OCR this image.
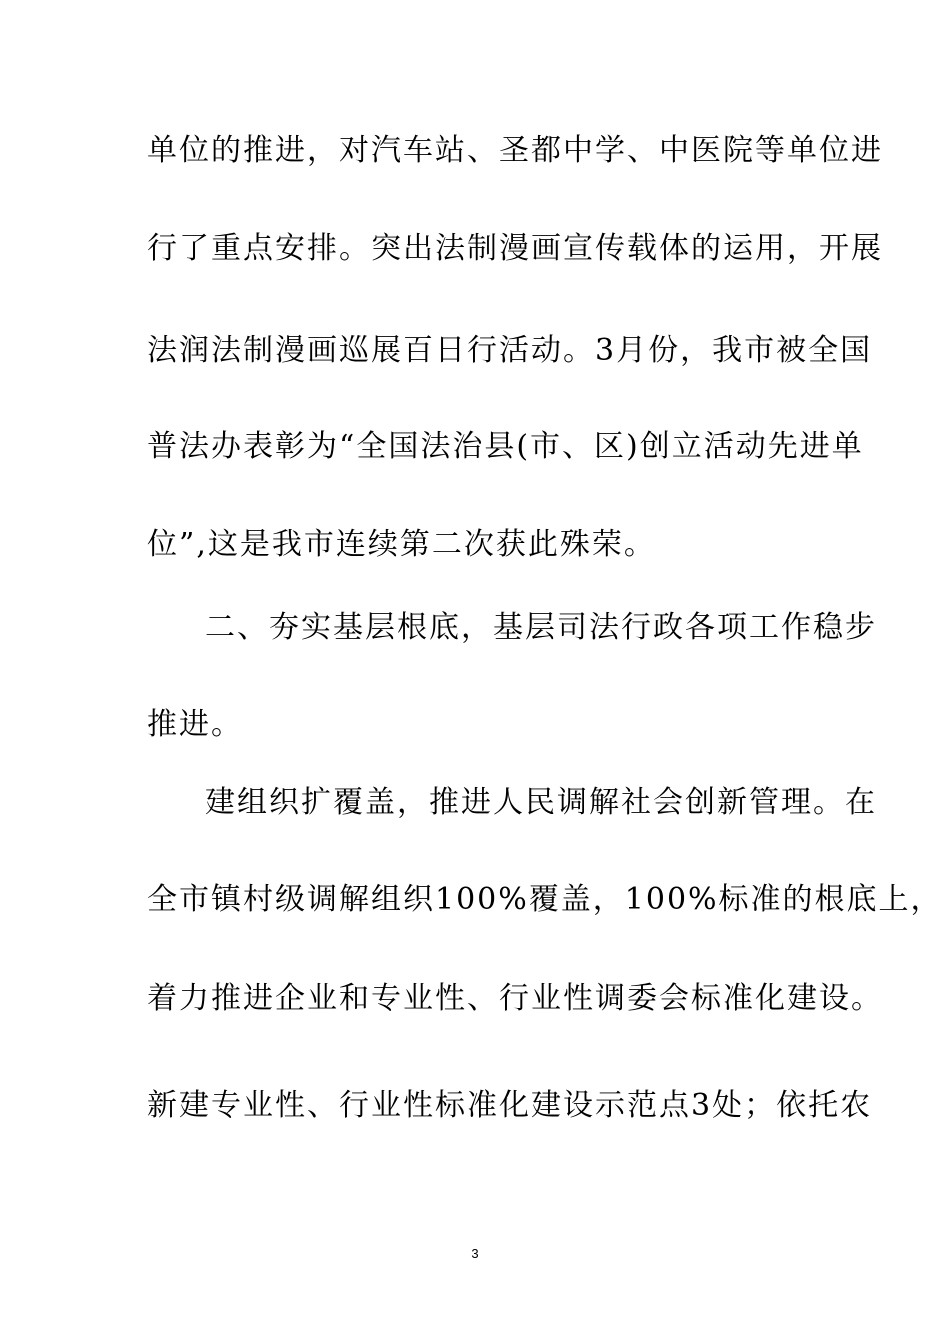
单位的推进，对汽车站、圣都中学、中医院等单位进
行了重点安排。突出法制漫画宣传载体的运用，开展
法润法制漫画巡展百日行活动。3月份，我市被全国
普法办表彰为“全国法治县(市、区)创立活动先进单
位”,这是我市连续第二次获此殊荣。
二、夯实基层根底，基层司法行政各项工作稳步
推进。
建组织扩覆盖，推进人民调解社会创新管理。在
全市镇村级调解组织100%覆盖，100%标准的根底上，
着力推进企业和专业性、行业性调委会标准化建设。
新建专业性、行业性标准化建设示范点3处；依托农
3
